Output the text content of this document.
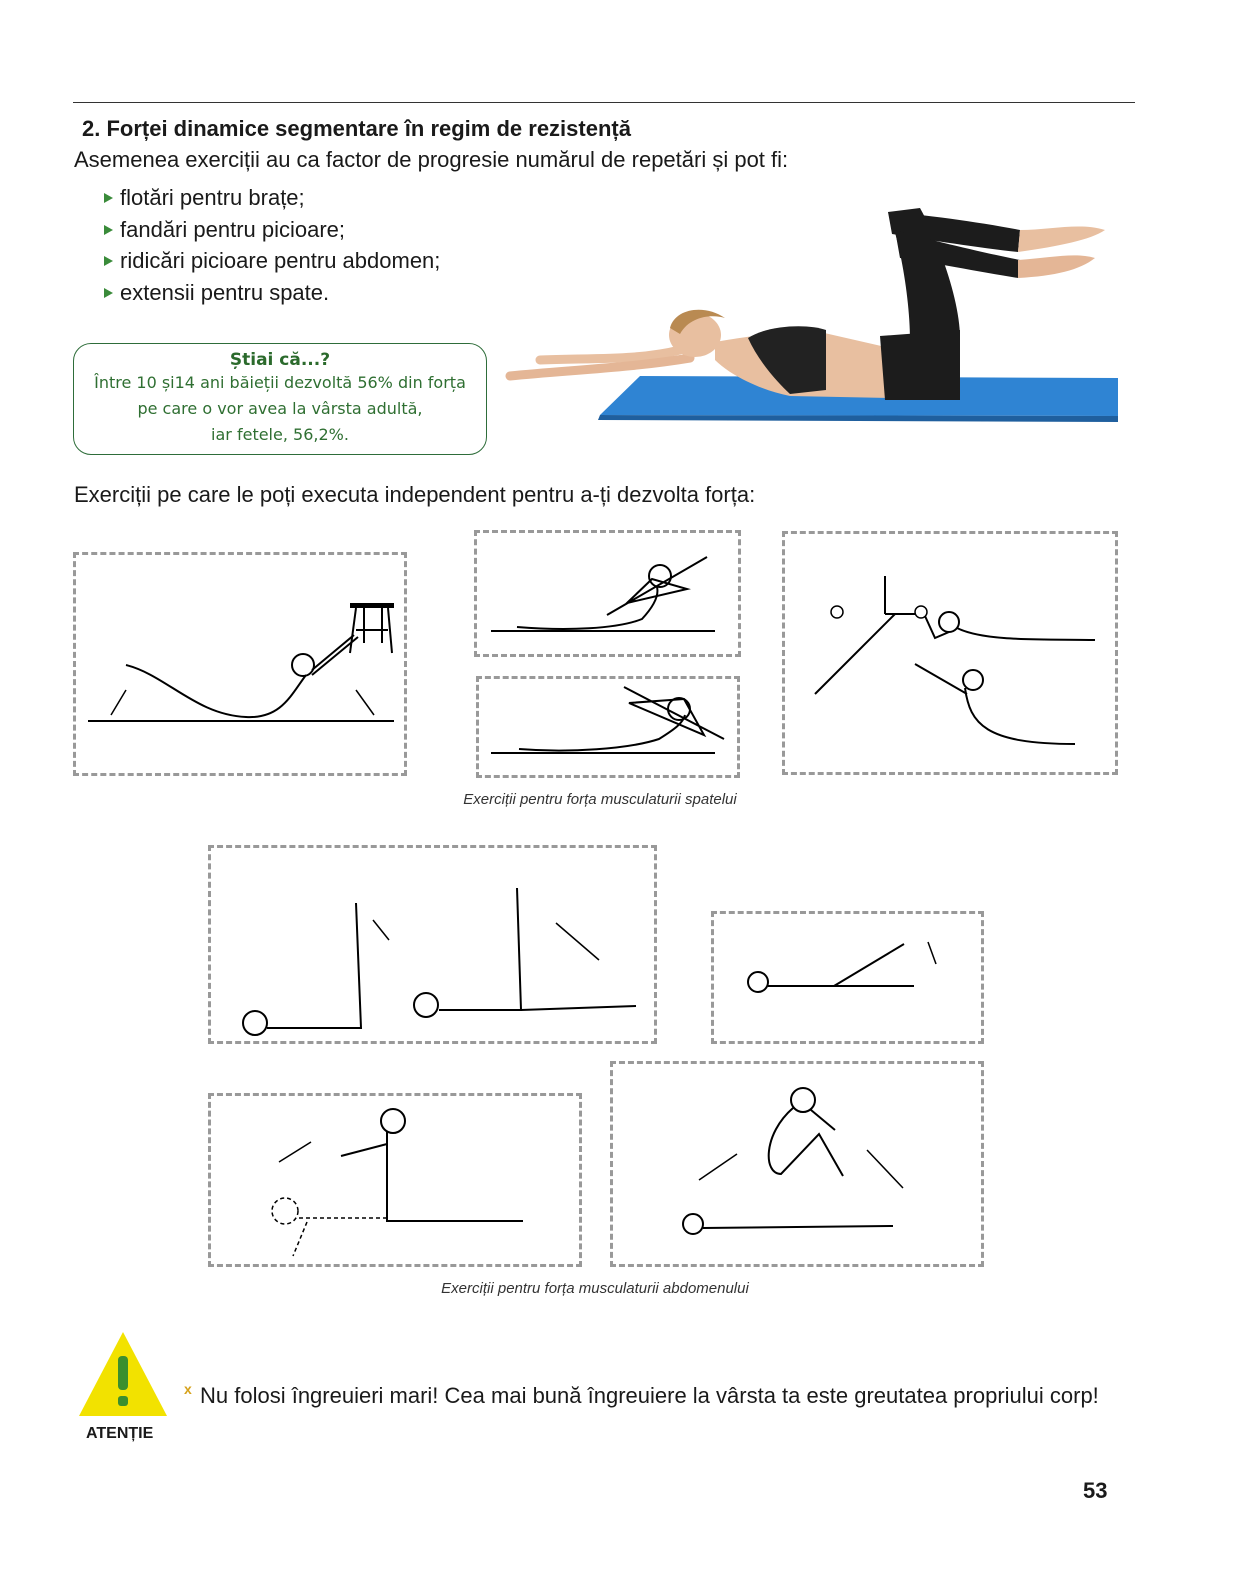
2. Forței dinamice segmentare în regim de rezistență
Asemenea exerciții au ca factor de progresie numărul de repetări și pot fi:
flotări pentru brațe;
fandări pentru picioare;
ridicări picioare pentru abdomen;
extensii pentru spate.
Știai că...?
Între 10 și14 ani băieții dezvoltă 56% din forța
pe care o vor avea la vârsta adultă,
iar fetele, 56,2%.
Exerciții pe care le poți executa independent pentru a-ți dezvolta forța:
Exerciții pentru forța musculaturii spatelui
Exerciții pentru forța musculaturii abdomenului
ATENȚIE
x Nu folosi îngreuieri mari! Cea mai bună îngreuiere la vârsta ta este greutatea propriului corp!
53
